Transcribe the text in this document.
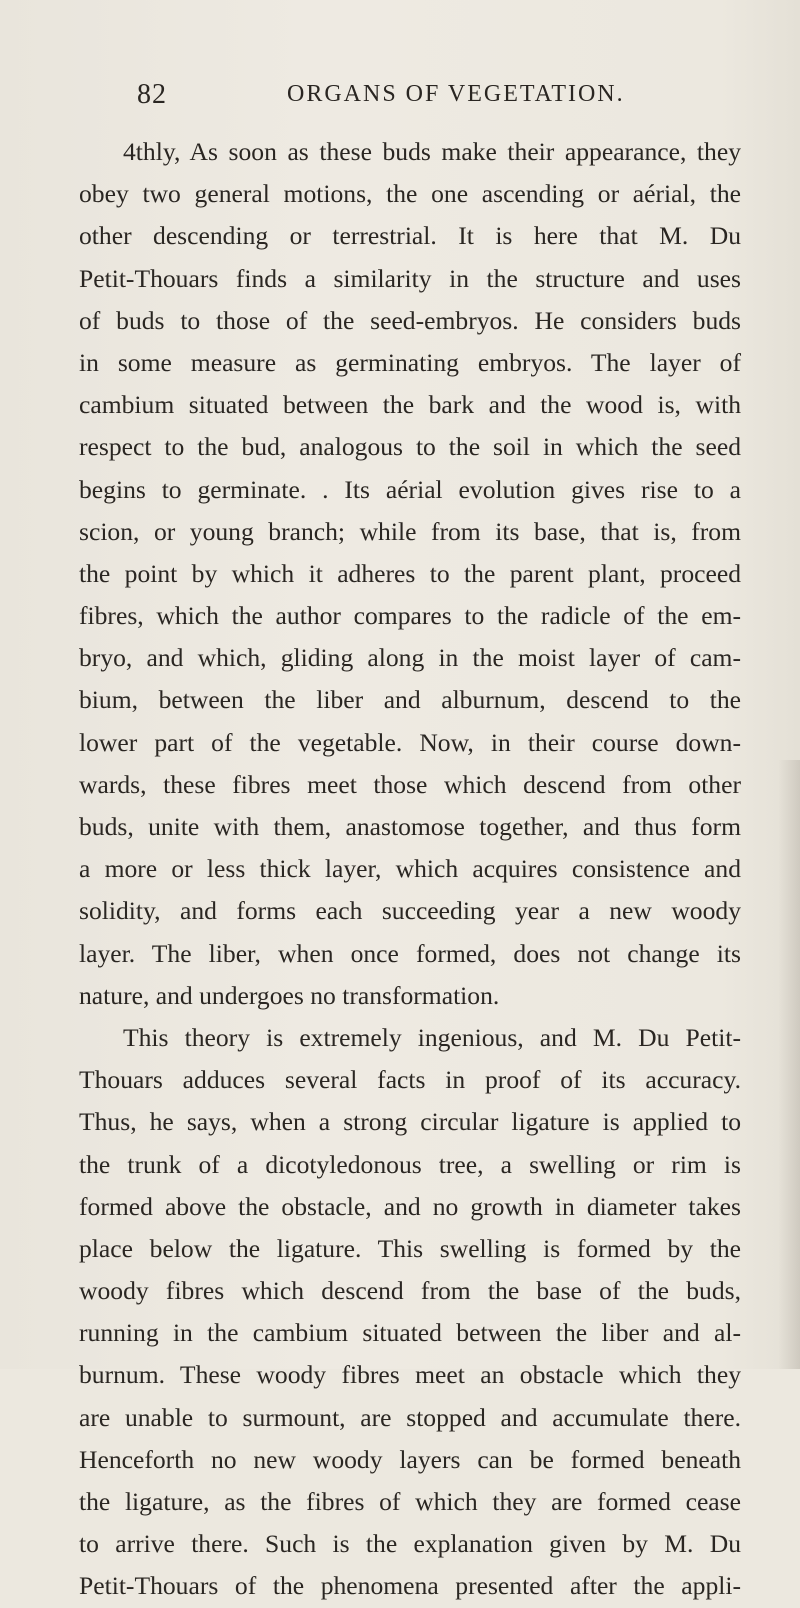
82	ORGANS OF VEGETATION.
4thly, As soon as these buds make their appearance, they
obey two general motions, the one ascending or aérial, the
other descending or terrestrial. It is here that M. Du
Petit-Thouars finds a similarity in the structure and uses
of buds to those of the seed-embryos. He considers buds
in some measure as germinating embryos. The layer of
cambium situated between the bark and the wood is, with
respect to the bud, analogous to the soil in which the seed
begins to germinate. . Its aérial evolution gives rise to a
scion, or young branch; while from its base, that is, from
the point by which it adheres to the parent plant, proceed
fibres, which the author compares to the radicle of the em-
bryo, and which, gliding along in the moist layer of cam-
bium, between the liber and alburnum, descend to the
lower part of the vegetable. Now, in their course down-
wards, these fibres meet those which descend from other
buds, unite with them, anastomose together, and thus form
a more or less thick layer, which acquires consistence and
solidity, and forms each succeeding year a new woody
layer. The liber, when once formed, does not change its
nature, and undergoes no transformation.
This theory is extremely ingenious, and M. Du Petit-
Thouars adduces several facts in proof of its accuracy.
Thus, he says, when a strong circular ligature is applied to
the trunk of a dicotyledonous tree, a swelling or rim is
formed above the obstacle, and no growth in diameter takes
place below the ligature. This swelling is formed by the
woody fibres which descend from the base of the buds,
running in the cambium situated between the liber and al-
burnum. These woody fibres meet an obstacle which they
are unable to surmount, are stopped and accumulate there.
Henceforth no new woody layers can be formed beneath
the ligature, as the fibres of which they are formed cease
to arrive there. Such is the explanation given by M. Du
Petit-Thouars of the phenomena presented after the appli-
